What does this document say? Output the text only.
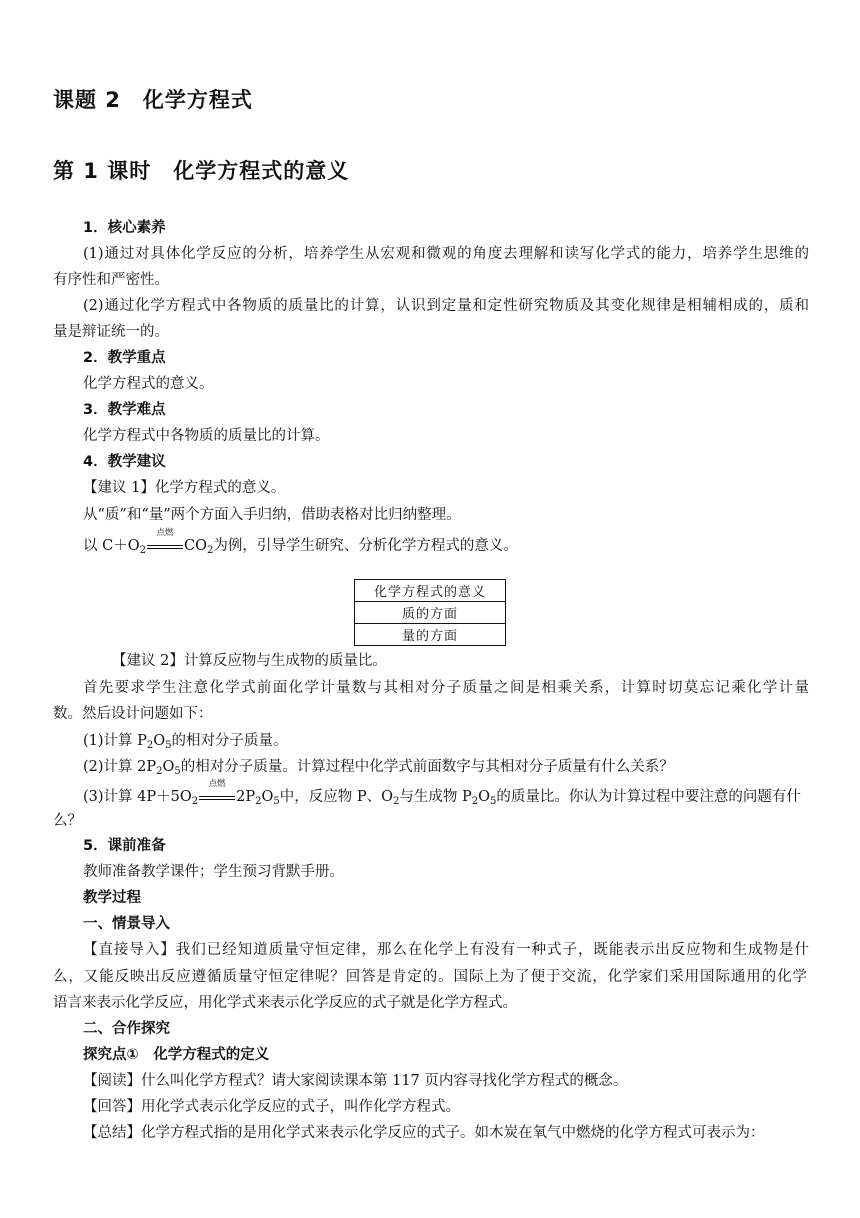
课题 2　化学方程式
第 1 课时　化学方程式的意义
1．核心素养
(1)通过对具体化学反应的分析，培养学生从宏观和微观的角度去理解和读写化学式的能力，培养学生思维的
有序性和严密性。
(2)通过化学方程式中各物质的质量比的计算，认识到定量和定性研究物质及其变化规律是相辅相成的，质和
量是辩证统一的。
2．教学重点
化学方程式的意义。
3．教学难点
化学方程式中各物质的质量比的计算。
4．教学建议
【建议 1】化学方程式的意义。
从“质”和“量”两个方面入手归纳，借助表格对比归纳整理。
以 $C+O_2$
点燃
$CO_2$为例，引导学生研究、分析化学方程式的意义。
化学方程式的意义
质的方面
量的方面
【建议 2】计算反应物与生成物的质量比。
首先要求学生注意化学式前面化学计量数与其相对分子质量之间是相乘关系，计算时切莫忘记乘化学计量
数。然后设计问题如下：
(1)计算 $P_2O_5$的相对分子质量。
(2)计算 $2P_2O_5$的相对分子质量。计算过程中化学式前面数字与其相对分子质量有什么关系？
(3)计算 $4P+5O_2$
点燃
$2P_2O_5$中，反应物 P、$O_2$与生成物 $P_2O_5$的质量比。你认为计算过程中要注意的问题有什
么？
5．课前准备
教师准备教学课件；学生预习背默手册。
教学过程
一、情景导入
【直接导入】我们已经知道质量守恒定律，那么在化学上有没有一种式子，既能表示出反应物和生成物是什
么，又能反映出反应遵循质量守恒定律呢？回答是肯定的。国际上为了便于交流，化学家们采用国际通用的化学
语言来表示化学反应，用化学式来表示化学反应的式子就是化学方程式。
二、合作探究
探究点①　化学方程式的定义
【阅读】什么叫化学方程式？请大家阅读课本第 117 页内容寻找化学方程式的概念。
【回答】用化学式表示化学反应的式子，叫作化学方程式。
【总结】化学方程式指的是用化学式来表示化学反应的式子。如木炭在氧气中燃烧的化学方程式可表示为：
